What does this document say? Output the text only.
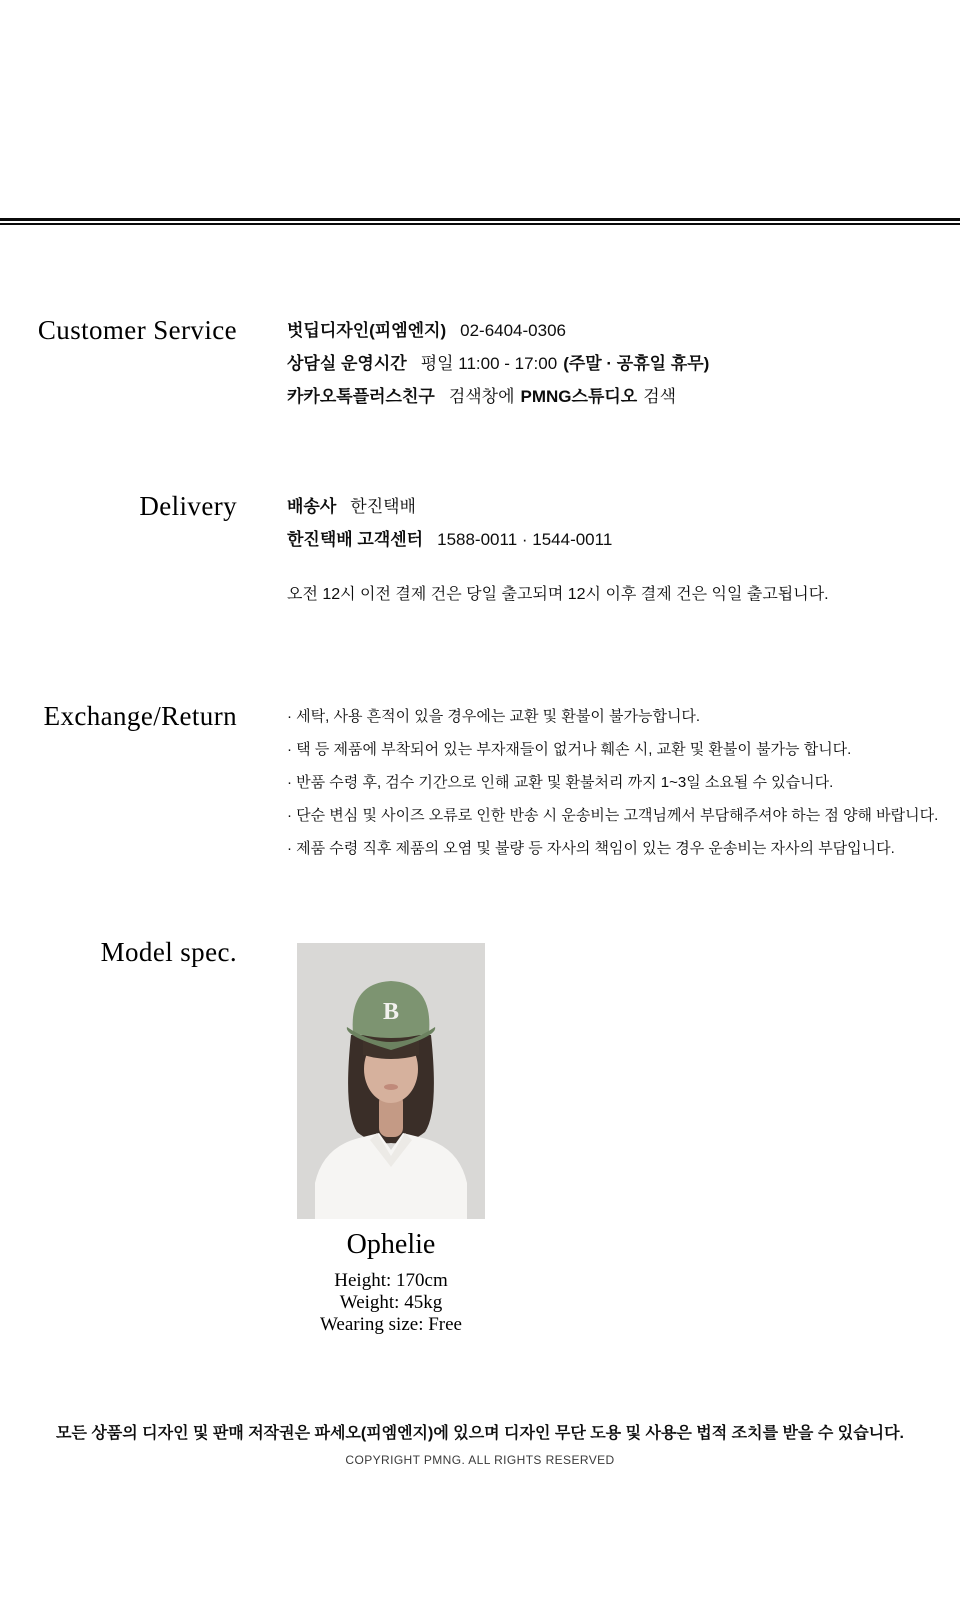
Customer Service	벗딥디자인(피엠엔지) 02-6404-0306

상담실 운영시간 평일 11:00 - 17:00 (주말 · 공휴일 휴무)

카카오톡플러스친구 검색창에 PMNG스튜디오 검색

Delivery	배송사 한진택배

한진택배 고객센터 1588-0011 · 1544-0011

오전 12시 이전 결제 건은 당일 출고되며 12시 이후 결제 건은 익일 출고됩니다.

Exchange/Return	· 세탁, 사용 흔적이 있을 경우에는 교환 및 환불이 불가능합니다.

· 택 등 제품에 부착되어 있는 부자재들이 없거나 훼손 시, 교환 및 환불이 불가능 합니다.

· 반품 수령 후, 검수 기간으로 인해 교환 및 환불처리 까지 1~3일 소요될 수 있습니다.

· 단순 변심 및 사이즈 오류로 인한 반송 시 운송비는 고객님께서 부담해주셔야 하는 점 양해 바랍니다.

· 제품 수령 직후 제품의 오염 및 불량 등 자사의 책임이 있는 경우 운송비는 자사의 부담입니다.

Model spec.
B

Ophelie

Height: 170cm

Weight: 45kg

Wearing size: Free

모든 상품의 디자인 및 판매 저작권은 파세오(피엠엔지)에 있으며 디자인 무단 도용 및 사용은 법적 조치를 받을 수 있습니다.
COPYRIGHT PMNG. ALL RIGHTS RESERVED
